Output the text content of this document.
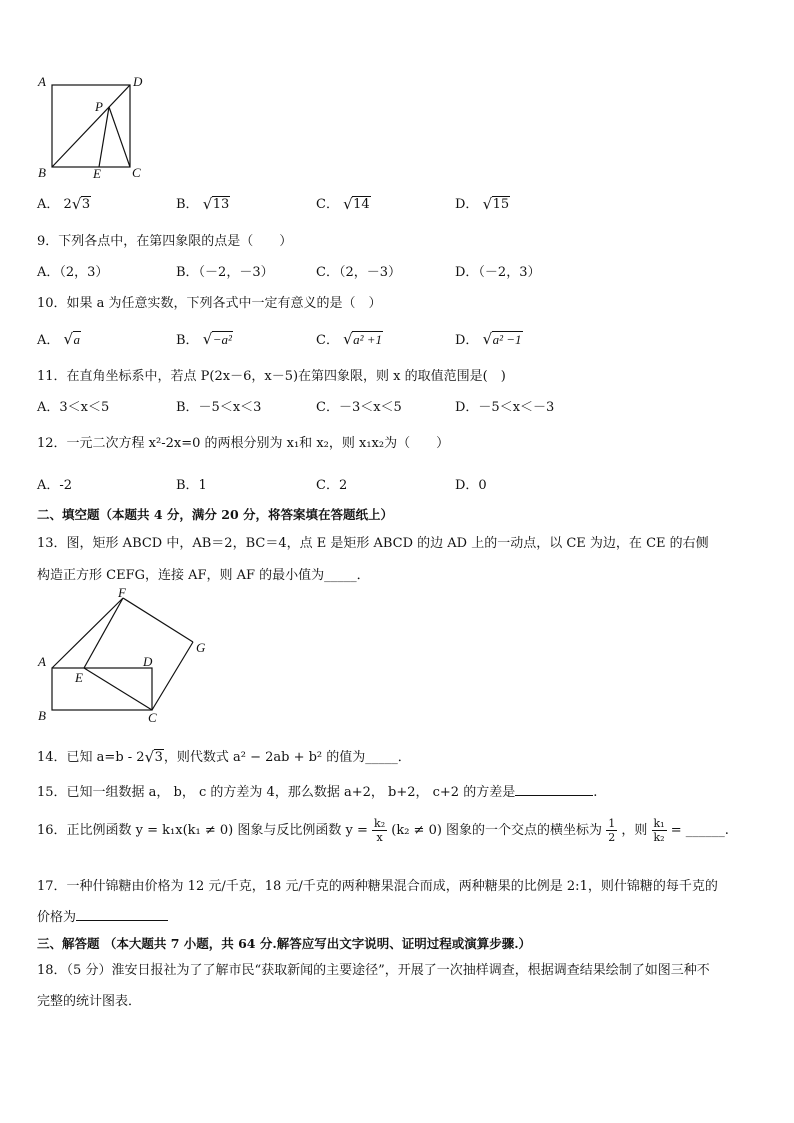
A	D
P
B	E C
A． 2 √ 3	B． √ 13	C． √ 14	D． √ 15
9．下列各点中，在第四象限的点是（　　）
A．（2，3）	B．（－2，－3）	C．（2，－3）	D．（－2，3）
10．如果 a 为任意实数，下列各式中一定有意义的是（　）
A． √ a	B． √ −a²	C． √ a² +1	D． √ a² −1
11．在直角坐标系中，若点 P(2x－6，x－5)在第四象限，则 x 的取值范围是(　)
A．3＜x＜5	B．－5＜x＜3	C．－3＜x＜5	D．－5＜x＜－3
12．一元二次方程 x²-2x=0 的两根分别为 x₁和 x₂，则 x₁x₂为（　　）
A．-2	B．1	C．2	D．0
二、填空题（本题共 4 分，满分 20 分，将答案填在答题纸上）
13．图，矩形 ABCD 中，AB＝2，BC＝4，点 E 是矩形 ABCD 的边 AD 上的一动点，以 CE 为边，在 CE 的右侧
构造正方形 CEFG，连接 AF，则 AF 的最小值为_____．
F
G
A	D
E
B	C
14．已知 a=b - 2 √ 3，则代数式 a² − 2ab + b² 的值为_____．
15．已知一组数据 a， b， c 的方差为 4，那么数据 a+2， b+2， c+2 的方差是	.
16．正比例函数 y = k₁x(k₁ ≠ 0) 图象与反比例函数 $y = \frac{\text{k₂}}{x} (k_2 \ne 0)$ 图象的一个交点的横坐标为 $\frac{1}{2}$ ，则 $\frac{\text{k₁}}{\text{k₂}}$ = ______.
17．一种什锦糖由价格为 12 元/千克，18 元/千克的两种糖果混合而成，两种糖果的比例是 2:1，则什锦糖的每千克的
价格为
三、解答题 （本大题共 7 小题，共 64 分.解答应写出文字说明、证明过程或演算步骤.）
18．（5 分）淮安日报社为了了解市民“获取新闻的主要途径”，开展了一次抽样调查，根据调查结果绘制了如图三种不
完整的统计图表．
